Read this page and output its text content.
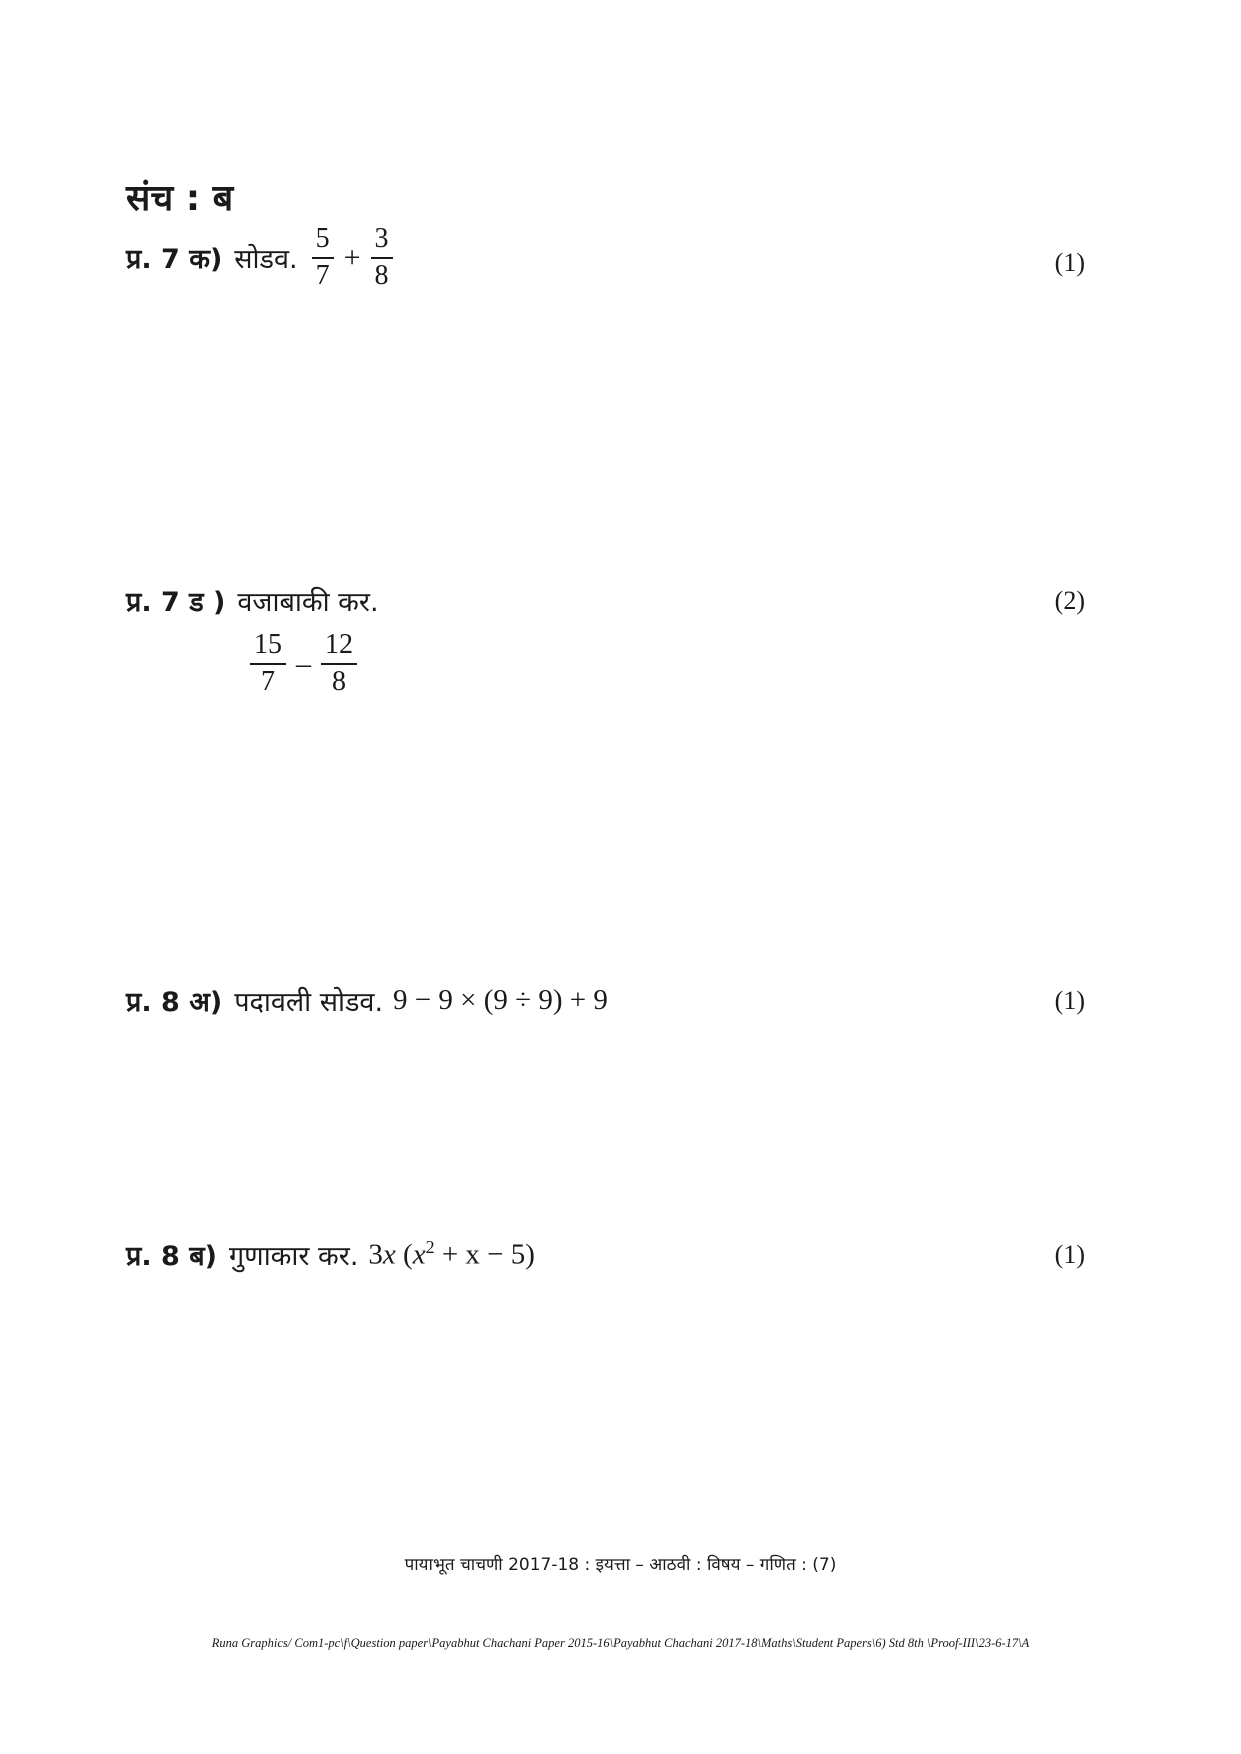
संच : ब
प्र. 7 क) सोडव. $\frac{5}{7} + \frac{3}{8}$	(1)
प्र. 7 ड ) वजाबाकी कर.	(2)
$\frac{15}{7} - \frac{12}{8}$
प्र. 8 अ) पदावली सोडव. 9 − 9 × (9 ÷ 9) + 9	(1)
प्र. 8 ब) गुणाकार कर. 3x $(x^2 + x - 5)$	(1)
पायाभूत चाचणी 2017-18 : इयत्ता – आठवी : विषय – गणित : (7)
Runa Graphics/ Com1-pc\f\Question paper\Payabhut Chachani Paper 2015-16\Payabhut Chachani 2017-18\Maths\Student Papers\6) Std 8th \Proof-III\23-6-17\A
